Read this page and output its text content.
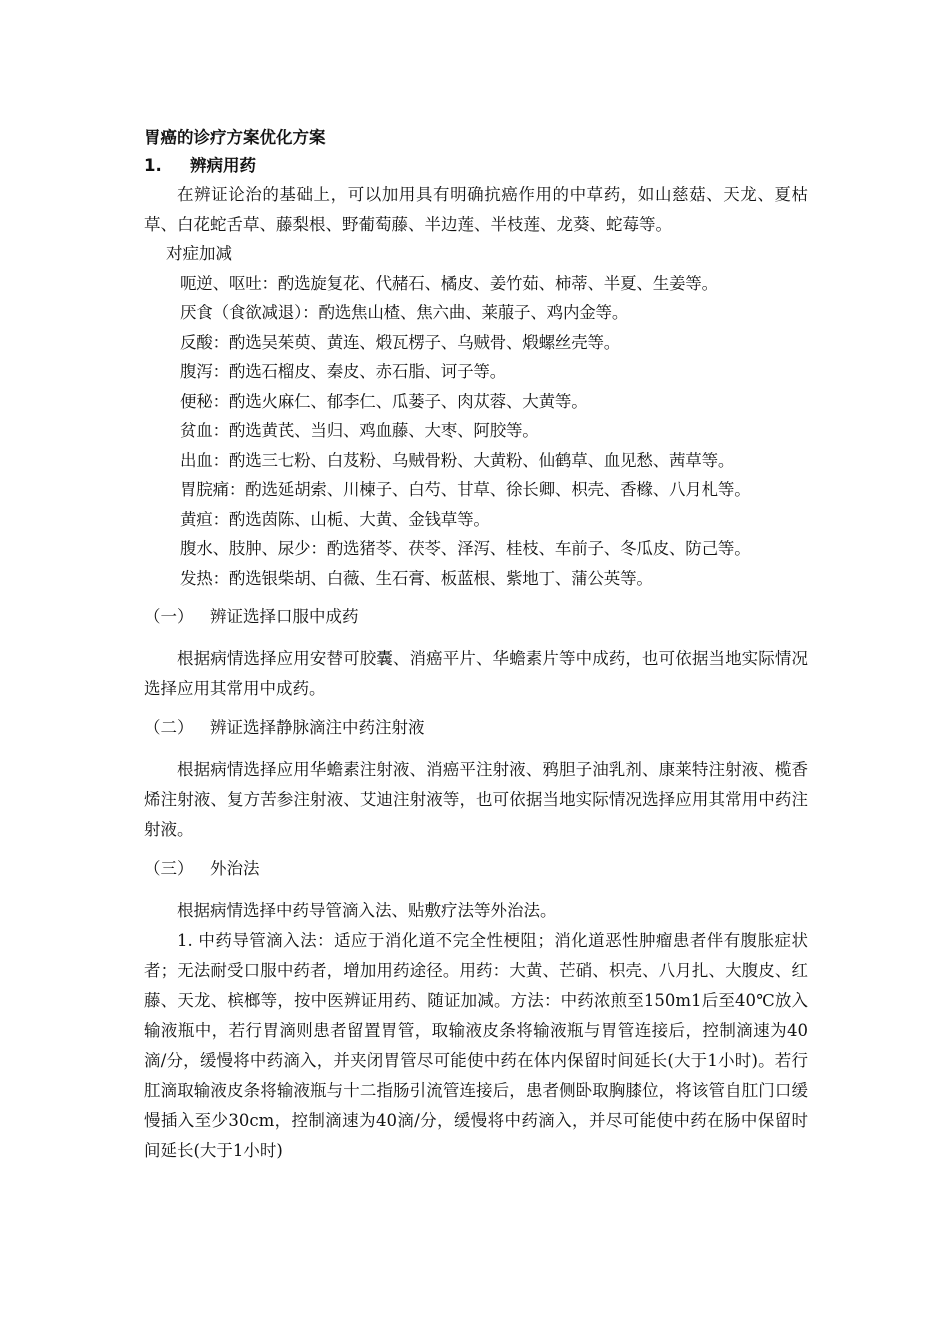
胃癌的诊疗方案优化方案
1. 辨病用药

在辨证论治的基础上，可以加用具有明确抗癌作用的中草药，如山慈菇、天龙、夏枯草、白花蛇舌草、藤梨根、野葡萄藤、半边莲、半枝莲、龙葵、蛇莓等。

对症加减

呃逆、呕吐：酌选旋复花、代赭石、橘皮、姜竹茹、柿蒂、半夏、生姜等。

厌食（食欲减退）：酌选焦山楂、焦六曲、莱菔子、鸡内金等。

反酸：酌选吴茱萸、黄连、煅瓦楞子、乌贼骨、煅螺丝壳等。

腹泻：酌选石榴皮、秦皮、赤石脂、诃子等。

便秘：酌选火麻仁、郁李仁、瓜蒌子、肉苁蓉、大黄等。

贫血：酌选黄芪、当归、鸡血藤、大枣、阿胶等。

出血：酌选三七粉、白芨粉、乌贼骨粉、大黄粉、仙鹤草、血见愁、茜草等。

胃脘痛：酌选延胡索、川楝子、白芍、甘草、徐长卿、枳壳、香橼、八月札等。

黄疸：酌选茵陈、山栀、大黄、金钱草等。

腹水、肢肿、尿少：酌选猪苓、茯苓、泽泻、桂枝、车前子、冬瓜皮、防己等。

发热：酌选银柴胡、白薇、生石膏、板蓝根、紫地丁、蒲公英等。

（一） 辨证选择口服中成药

根据病情选择应用安替可胶囊、消癌平片、华蟾素片等中成药，也可依据当地实际情况选择应用其常用中成药。

（二） 辨证选择静脉滴注中药注射液

根据病情选择应用华蟾素注射液、消癌平注射液、鸦胆子油乳剂、康莱特注射液、榄香烯注射液、复方苦参注射液、艾迪注射液等，也可依据当地实际情况选择应用其常用中药注射液。

（三） 外治法

根据病情选择中药导管滴入法、贴敷疗法等外治法。

1. 中药导管滴入法：适应于消化道不完全性梗阻；消化道恶性肿瘤患者伴有腹胀症状者；无法耐受口服中药者，增加用药途径。用药：大黄、芒硝、枳壳、八月扎、大腹皮、红藤、天龙、槟榔等，按中医辨证用药、随证加减。方法：中药浓煎至150m1后至40℃放入输液瓶中，若行胃滴则患者留置胃管，取输液皮条将输液瓶与胃管连接后，控制滴速为40滴/分，缓慢将中药滴入，并夹闭胃管尽可能使中药在体内保留时间延长(大于1小时)。若行肛滴取输液皮条将输液瓶与十二指肠引流管连接后，患者侧卧取胸膝位，将该管自肛门口缓慢插入至少30cm，控制滴速为40滴/分，缓慢将中药滴入，并尽可能使中药在肠中保留时间延长(大于1小时)
